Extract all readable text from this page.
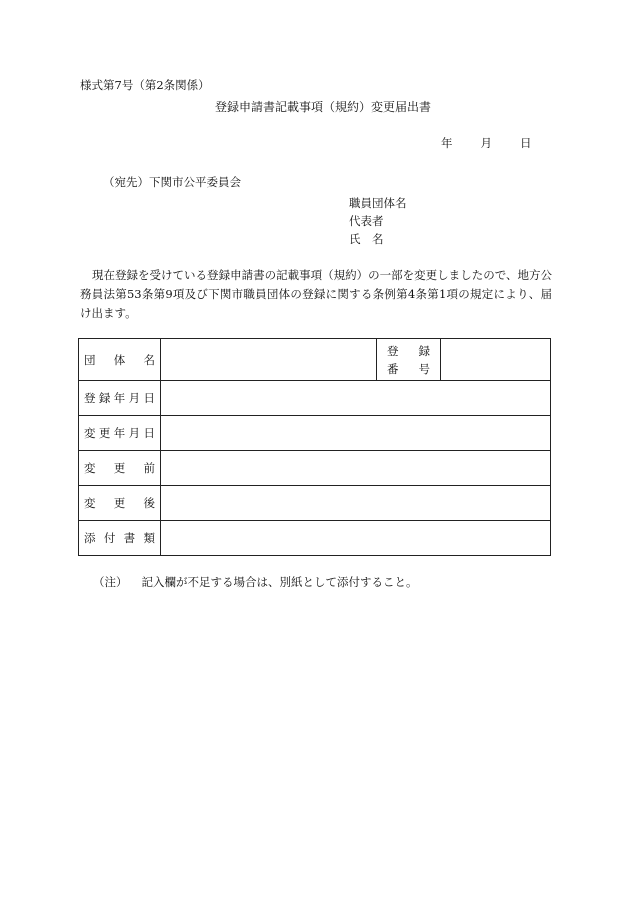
様式第7号（第2条関係）
登録申請書記載事項（規約）変更届出書
年 月 日
（宛先）下関市公平委員会
職員団体名
代表者
氏　名
現在登録を受けている登録申請書の記載事項（規約）の一部を変更しましたので、地方公務員法第53条第9項及び下関市職員団体の登録に関する条例第4条第1項の規定により、届け出ます。
団体名		登録
番号	

登録年月日			

変更年月日			

変更前			

変更後			

添付書類			

（注） 記入欄が不足する場合は、別紙として添付すること。
